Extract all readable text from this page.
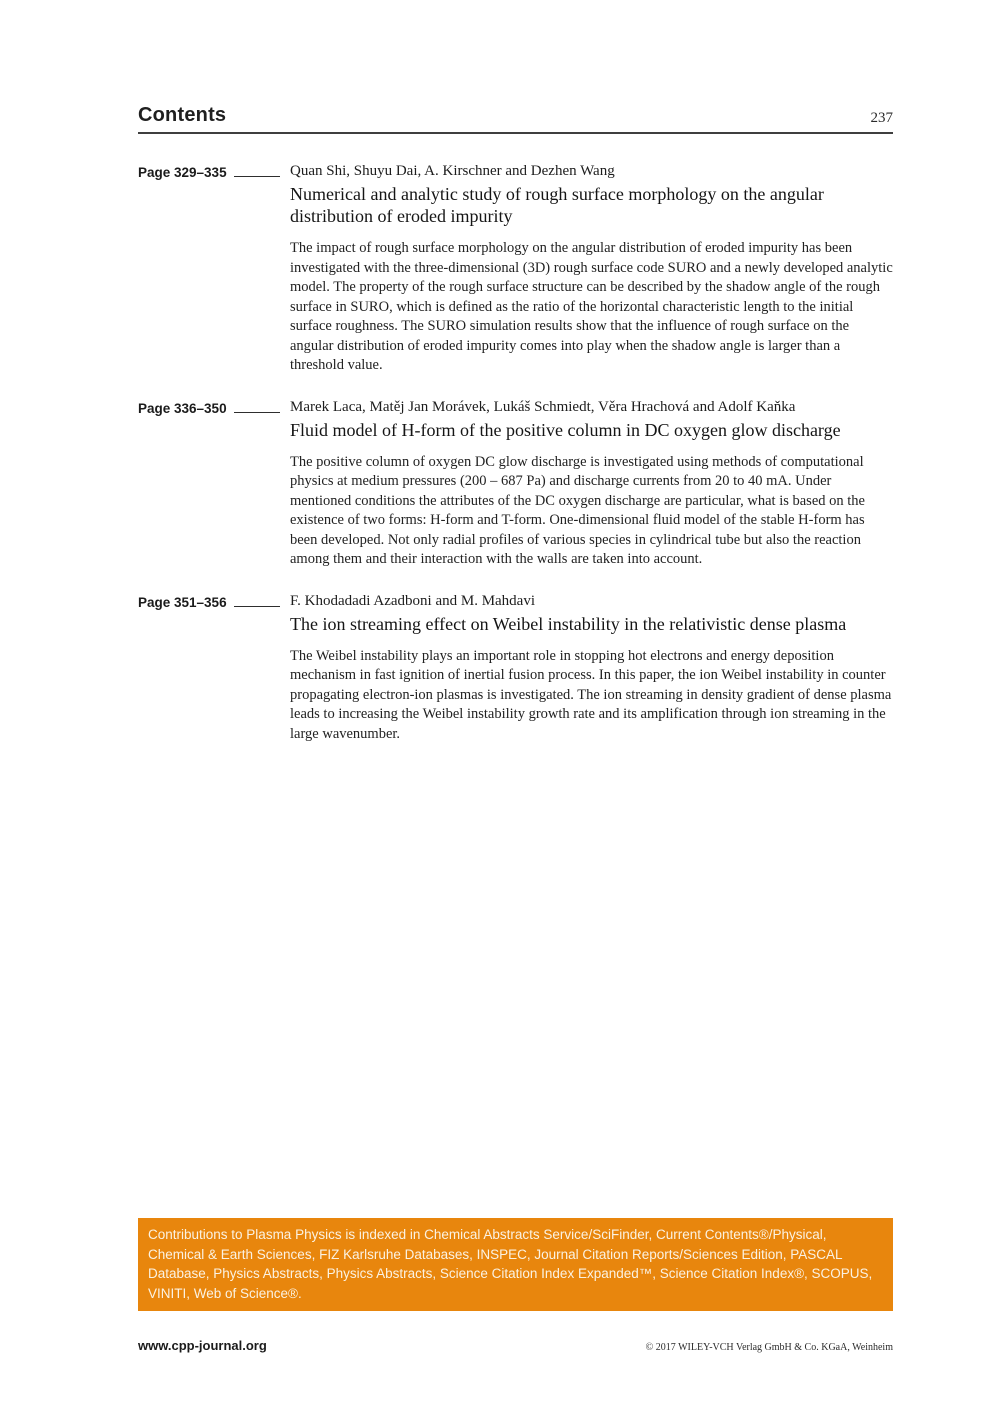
Contents	237
Page 329–335	Quan Shi, Shuyu Dai, A. Kirschner and Dezhen Wang
Numerical and analytic study of rough surface morphology on the angular distribution of eroded impurity
The impact of rough surface morphology on the angular distribution of eroded impurity has been investigated with the three-dimensional (3D) rough surface code SURO and a newly developed analytic model. The property of the rough surface structure can be described by the shadow angle of the rough surface in SURO, which is defined as the ratio of the horizontal characteristic length to the initial surface roughness. The SURO simulation results show that the influence of rough surface on the angular distribution of eroded impurity comes into play when the shadow angle is larger than a threshold value.
Page 336–350	Marek Laca, Matěj Jan Morávek, Lukáš Schmiedt, Věra Hrachová and Adolf Kaňka
Fluid model of H-form of the positive column in DC oxygen glow discharge
The positive column of oxygen DC glow discharge is investigated using methods of computational physics at medium pressures (200 – 687 Pa) and discharge currents from 20 to 40 mA. Under mentioned conditions the attributes of the DC oxygen discharge are particular, what is based on the existence of two forms: H-form and T-form. One-dimensional fluid model of the stable H-form has been developed. Not only radial profiles of various species in cylindrical tube but also the reaction among them and their interaction with the walls are taken into account.
Page 351–356	F. Khodadadi Azadboni and M. Mahdavi
The ion streaming effect on Weibel instability in the relativistic dense plasma
The Weibel instability plays an important role in stopping hot electrons and energy deposition mechanism in fast ignition of inertial fusion process. In this paper, the ion Weibel instability in counter propagating electron-ion plasmas is investigated. The ion streaming in density gradient of dense plasma leads to increasing the Weibel instability growth rate and its amplification through ion streaming in the large wavenumber.
Contributions to Plasma Physics is indexed in Chemical Abstracts Service/SciFinder, Current Contents®/Physical, Chemical & Earth Sciences, FIZ Karlsruhe Databases, INSPEC, Journal Citation Reports/Sciences Edition, PASCAL Database, Physics Abstracts, Physics Abstracts, Science Citation Index Expanded™, Science Citation Index®, SCOPUS, VINITI, Web of Science®.
www.cpp-journal.org	© 2017 WILEY-VCH Verlag GmbH & Co. KGaA, Weinheim
